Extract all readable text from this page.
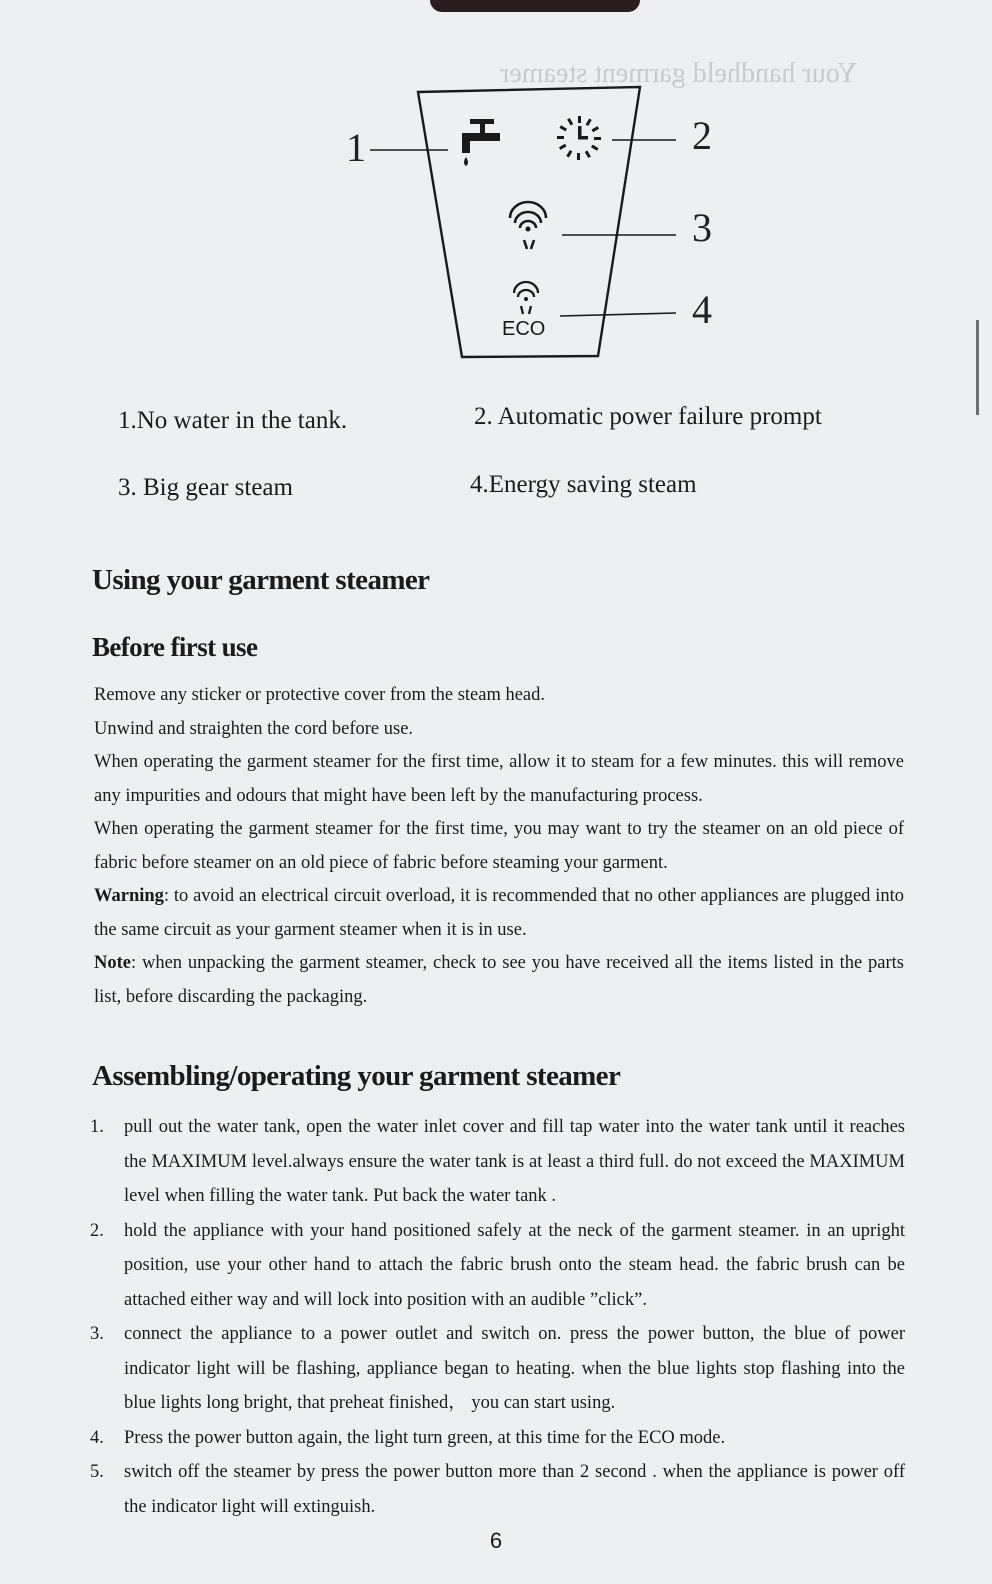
Your handheld garment steamer
ECO
1	2
3
4
1.No water in the tank.	2. Automatic power failure prompt
3. Big gear steam	4.Energy saving steam
Using your garment steamer
Before first use

Remove any sticker or protective cover from the steam head.

Unwind and straighten the cord before use.

When operating the garment steamer for the first time, allow it to steam for a few minutes. this will remove any impurities and odours that might have been left by the manufacturing process.

When operating the garment steamer for the first time, you may want to try the steamer on an old piece of fabric before steamer on an old piece of fabric before steaming your garment.

Warning: to avoid an electrical circuit overload, it is recommended that no other appliances are plugged into the same circuit as your garment steamer when it is in use.

Note: when unpacking the garment steamer, check to see you have received all the items listed in the parts list, before discarding the packaging.

Assembling/operating your garment steamer
1. pull out the water tank, open the water inlet cover and fill tap water into the water tank until it reaches the MAXIMUM level.always ensure the water tank is at least a third full. do not exceed the MAXIMUM level when filling the water tank. Put back the water tank .
2. hold the appliance with your hand positioned safely at the neck of the garment steamer. in an upright position, use your other hand to attach the fabric brush onto the steam head. the fabric brush can be attached either way and will lock into position with an audible ”click”.
3. connect the appliance to a power outlet and switch on. press the power button, the blue of power indicator light will be flashing, appliance began to heating. when the blue lights stop flashing into the blue lights long bright, that preheat finished， you can start using.
4. Press the power button again, the light turn green, at this time for the ECO mode.
5. switch off the steamer by press the power button more than 2 second . when the appliance is power off the indicator light will extinguish.
6
